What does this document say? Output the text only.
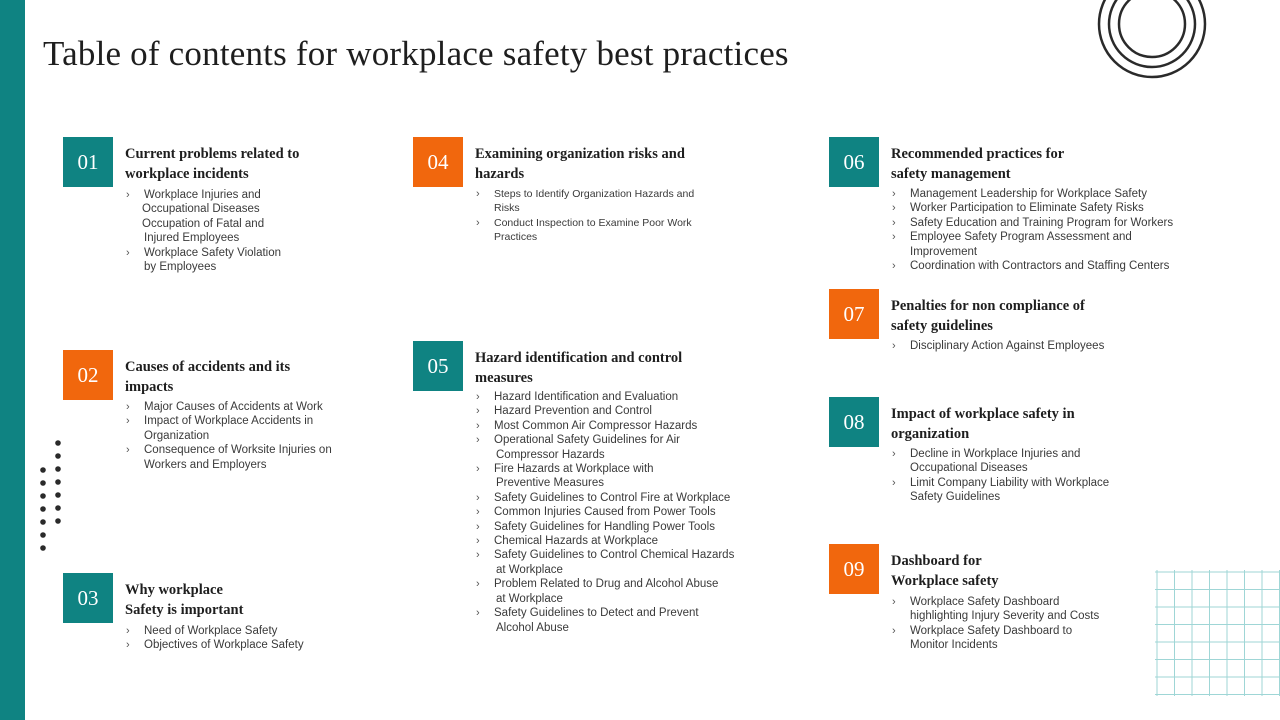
Table of contents for workplace safety best practices
01	Current problems related to
workplace incidents
› Workplace Injuries and
Occupational Diseases
Occupation of Fatal and
Injured Employees
› Workplace Safety Violation
by Employees
02	Causes of accidents and its
impacts
› Major Causes of Accidents at Work
› Impact of Workplace Accidents in
Organization
› Consequence of Worksite Injuries on
Workers and Employers
03	Why workplace
Safety is important
› Need of Workplace Safety
› Objectives of Workplace Safety
04	Examining organization risks and
hazards
› Steps to Identify Organization Hazards and
Risks
› Conduct Inspection to Examine Poor Work
Practices
05	Hazard identification and control
measures
› Hazard Identification and Evaluation
› Hazard Prevention and Control
› Most Common Air Compressor Hazards
› Operational Safety Guidelines for Air
Compressor Hazards
› Fire Hazards at Workplace with
Preventive Measures
› Safety Guidelines to Control Fire at Workplace
› Common Injuries Caused from Power Tools
› Safety Guidelines for Handling Power Tools
› Chemical Hazards at Workplace
› Safety Guidelines to Control Chemical Hazards
at Workplace
› Problem Related to Drug and Alcohol Abuse
at Workplace
› Safety Guidelines to Detect and Prevent
Alcohol Abuse
06	Recommended practices for
safety management
› Management Leadership for Workplace Safety
› Worker Participation to Eliminate Safety Risks
› Safety Education and Training Program for Workers
› Employee Safety Program Assessment and
Improvement
› Coordination with Contractors and Staffing Centers
07	Penalties for non compliance of
safety guidelines
› Disciplinary Action Against Employees
08	Impact of workplace safety in
organization
› Decline in Workplace Injuries and
Occupational Diseases
› Limit Company Liability with Workplace
Safety Guidelines
09	Dashboard for
Workplace safety
› Workplace Safety Dashboard
highlighting Injury Severity and Costs
› Workplace Safety Dashboard to
Monitor Incidents
